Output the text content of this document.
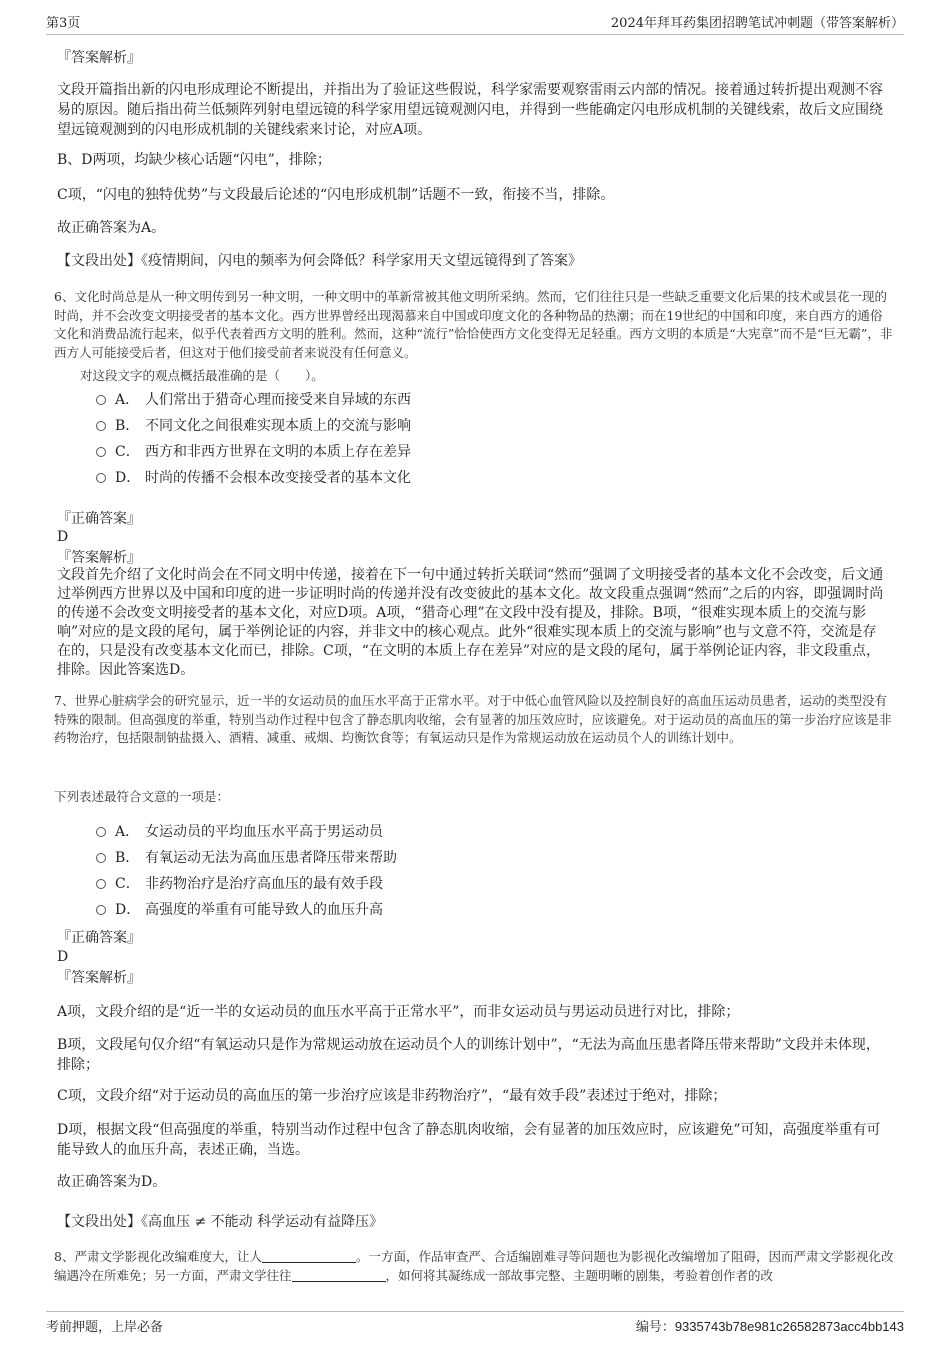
第3页	2024年拜耳药集团招聘笔试冲刺题（带答案解析）
『答案解析』

文段开篇指出新的闪电形成理论不断提出，并指出为了验证这些假说，科学家需要观察雷雨云内部的情况。接着通过转折提出观测不容易的原因。随后指出荷兰低频阵列射电望远镜的科学家用望远镜观测闪电，并得到一些能确定闪电形成机制的关键线索，故后文应围绕望远镜观测到的闪电形成机制的关键线索来讨论，对应A项。

B、D两项，均缺少核心话题“闪电”，排除；

C项，“闪电的独特优势”与文段最后论述的“闪电形成机制”话题不一致，衔接不当，排除。

故正确答案为A。

【文段出处】《疫情期间，闪电的频率为何会降低？科学家用天文望远镜得到了答案》

6、文化时尚总是从一种文明传到另一种文明，一种文明中的革新常被其他文明所采纳。然而，它们往往只是一些缺乏重要文化后果的技术或昙花一现的时尚，并不会改变文明接受者的基本文化。西方世界曾经出现渴慕来自中国或印度文化的各种物品的热潮；而在19世纪的中国和印度，来自西方的通俗文化和消费品流行起来，似乎代表着西方文明的胜利。然而，这种“流行”恰恰使西方文化变得无足轻重。西方文明的本质是“大宪章”而不是“巨无霸”，非西方人可能接受后者，但这对于他们接受前者来说没有任何意义。

对这段文字的观点概括最准确的是（　　）。

A． 人们常出于猎奇心理而接受来自异域的东西
B． 不同文化之间很难实现本质上的交流与影响
C． 西方和非西方世界在文明的本质上存在差异
D． 时尚的传播不会根本改变接受者的基本文化
『正确答案』
D
『答案解析』

文段首先介绍了文化时尚会在不同文明中传递，接着在下一句中通过转折关联词“然而”强调了文明接受者的基本文化不会改变，后文通过举例西方世界以及中国和印度的进一步证明时尚的传递并没有改变彼此的基本文化。故文段重点强调“然而”之后的内容，即强调时尚的传递不会改变文明接受者的基本文化，对应D项。A项，“猎奇心理”在文段中没有提及，排除。B项，“很难实现本质上的交流与影响”对应的是文段的尾句，属于举例论证的内容，并非文中的核心观点。此外“很难实现本质上的交流与影响”也与文意不符，交流是存在的，只是没有改变基本文化而已，排除。C项，“在文明的本质上存在差异”对应的是文段的尾句，属于举例论证内容，非文段重点，排除。因此答案选D。

7、世界心脏病学会的研究显示，近一半的女运动员的血压水平高于正常水平。对于中低心血管风险以及控制良好的高血压运动员患者，运动的类型没有特殊的限制。但高强度的举重，特别当动作过程中包含了静态肌肉收缩，会有显著的加压效应时，应该避免。对于运动员的高血压的第一步治疗应该是非药物治疗，包括限制钠盐摄入、酒精、减重、戒烟、均衡饮食等；有氧运动只是作为常规运动放在运动员个人的训练计划中。

下列表述最符合文意的一项是：

A． 女运动员的平均血压水平高于男运动员
B． 有氧运动无法为高血压患者降压带来帮助
C． 非药物治疗是治疗高血压的最有效手段
D． 高强度的举重有可能导致人的血压升高
『正确答案』
D
『答案解析』

A项，文段介绍的是“近一半的女运动员的血压水平高于正常水平”，而非女运动员与男运动员进行对比，排除；

B项，文段尾句仅介绍“有氧运动只是作为常规运动放在运动员个人的训练计划中”，“无法为高血压患者降压带来帮助”文段并未体现，排除；

C项，文段介绍“对于运动员的高血压的第一步治疗应该是非药物治疗”，“最有效手段”表述过于绝对，排除；

D项，根据文段“但高强度的举重，特别当动作过程中包含了静态肌肉收缩，会有显著的加压效应时，应该避免”可知，高强度举重有可能导致人的血压升高，表述正确，当选。

故正确答案为D。

【文段出处】《高血压 ≠ 不能动 科学运动有益降压》

8、严肃文学影视化改编难度大，让人	。一方面，作品审查严、合适编剧难寻等问题也为影视化改编增加了阻碍，因而严肃文学影视化改编遇冷在所难免；另一方面，严肃文学往往	，如何将其凝练成一部故事完整、主题明晰的剧集，考验着创作者的改

考前押题，上岸必备	编号：9335743b78e981c26582873acc4bb143
